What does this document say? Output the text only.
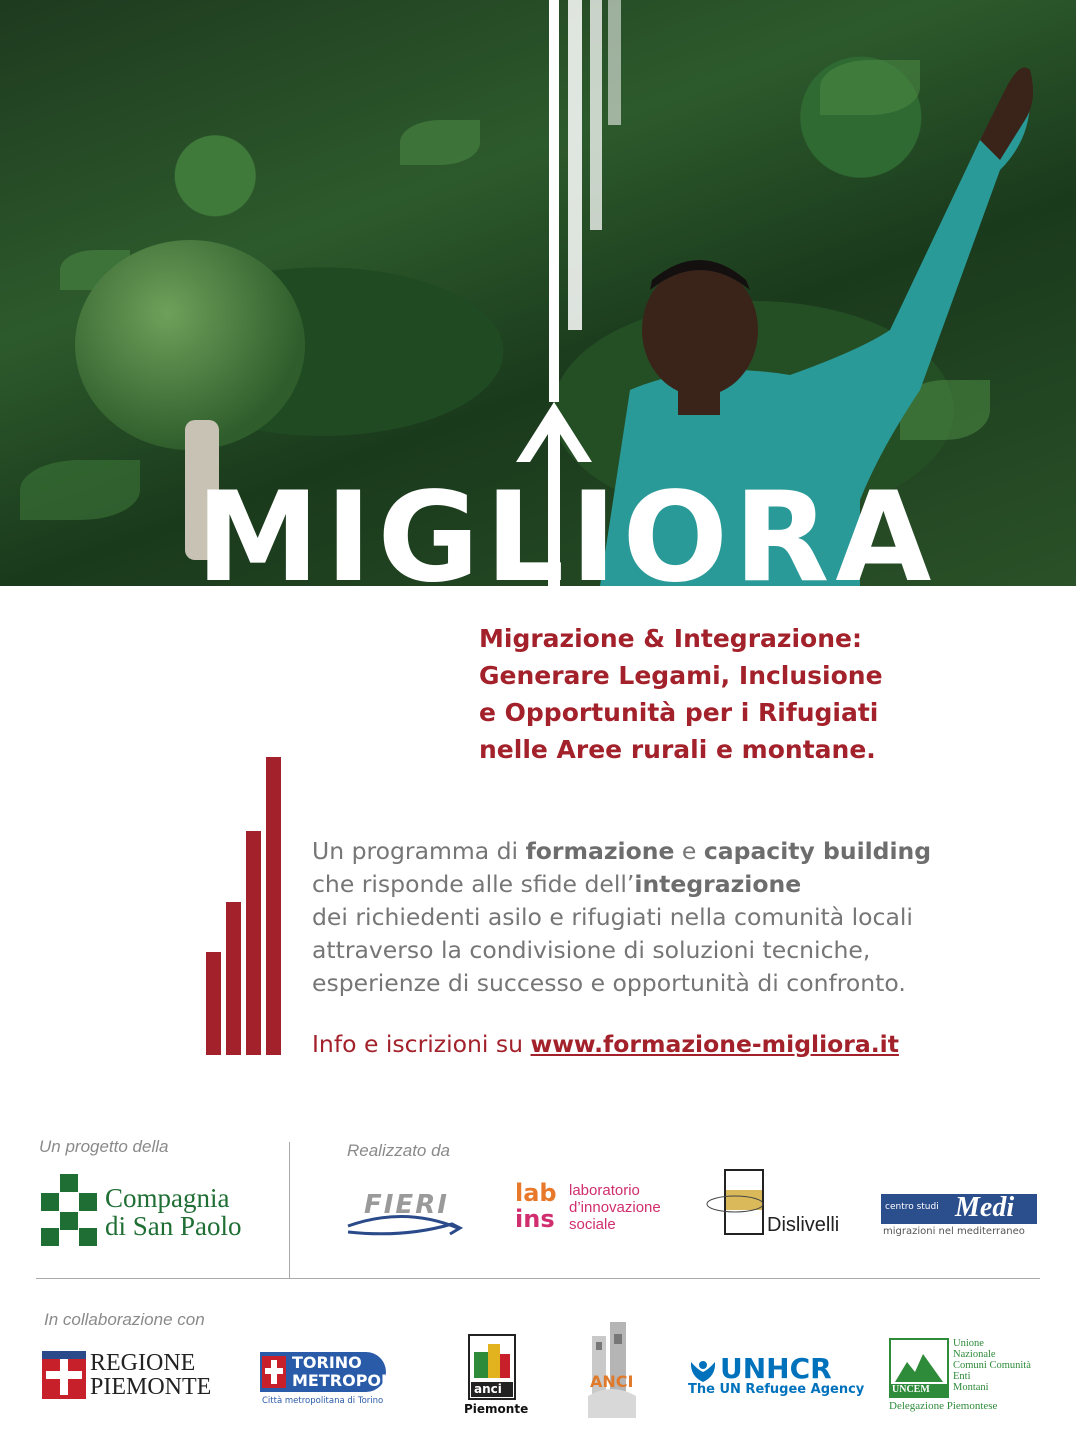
MIGLIORA
Migrazione & Integrazione:
Generare Legami, Inclusione
e Opportunità per i Rifugiati
nelle Aree rurali e montane.
Un programma di formazione e capacity building
che risponde alle sfide dell’integrazione
dei richiedenti asilo e rifugiati nella comunità locali
attraverso la condivisione di soluzioni tecniche,
esperienze di successo e opportunità di confronto.
Info e iscrizioni su www.formazione-migliora.it
Un progetto della	Realizzato da
In collaborazione con
Compagnia
di San Paolo
FIERI	lab
ins
laboratorio
d’innovazione
sociale	Dislivelli
centro studi Medi
migrazioni nel mediterraneo
REGIONE
PIEMONTE
TORINO
METROPOLI
Città metropolitana di Torino
anci
Piemonte
ANCI	UNHCR
The UN Refugee Agency	UNCEM
Unione
Nazionale
Comuni Comunità
Enti
Montani
Delegazione Piemontese
